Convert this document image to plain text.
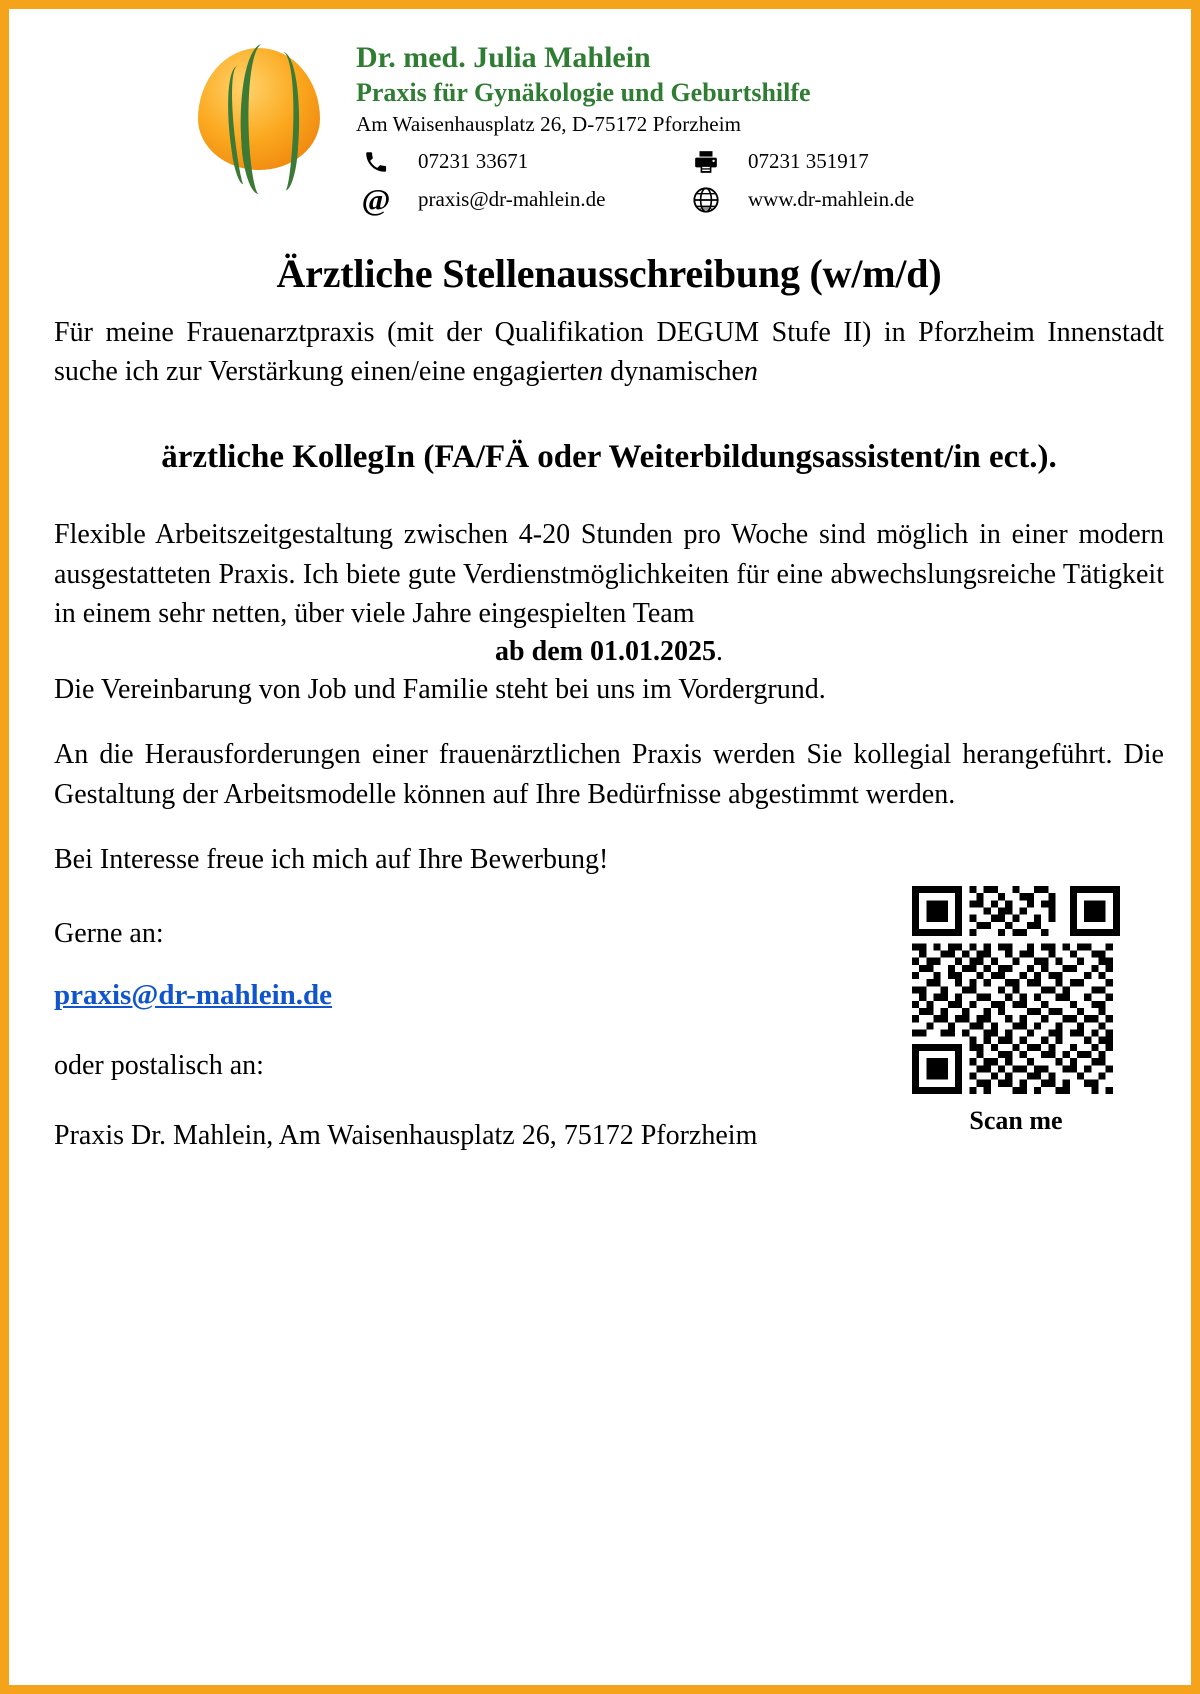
Dr. med. Julia Mahlein
Praxis für Gynäkologie und Geburtshilfe
Am Waisenhausplatz 26, D-75172 Pforzheim
07231 33671	07231 351917
@	praxis@dr-mahlein.de	www	www.dr-mahlein.de
Ärztliche Stellenausschreibung (w/m/d)

Für meine Frauenarztpraxis (mit der Qualifikation DEGUM Stufe II) in Pforzheim Innenstadt suche ich zur Verstärkung einen/eine engagierten dynamischen

ärztliche KollegIn (FA/FÄ oder Weiterbildungsassistent/in ect.).

Flexible Arbeitszeitgestaltung zwischen 4-20 Stunden pro Woche sind möglich in einer modern ausgestatteten Praxis. Ich biete gute Verdienstmöglichkeiten für eine abwechslungsreiche Tätigkeit in einem sehr netten, über viele Jahre eingespielten Team

ab dem 01.01.2025.

Die Vereinbarung von Job und Familie steht bei uns im Vordergrund.

An die Herausforderungen einer frauenärztlichen Praxis werden Sie kollegial herangeführt. Die Gestaltung der Arbeitsmodelle können auf Ihre Bedürfnisse abgestimmt werden.

Bei Interesse freue ich mich auf Ihre Bewerbung!

Scan me

Gerne an:

praxis@dr-mahlein.de

oder postalisch an:

Praxis Dr. Mahlein, Am Waisenhausplatz 26, 75172 Pforzheim
